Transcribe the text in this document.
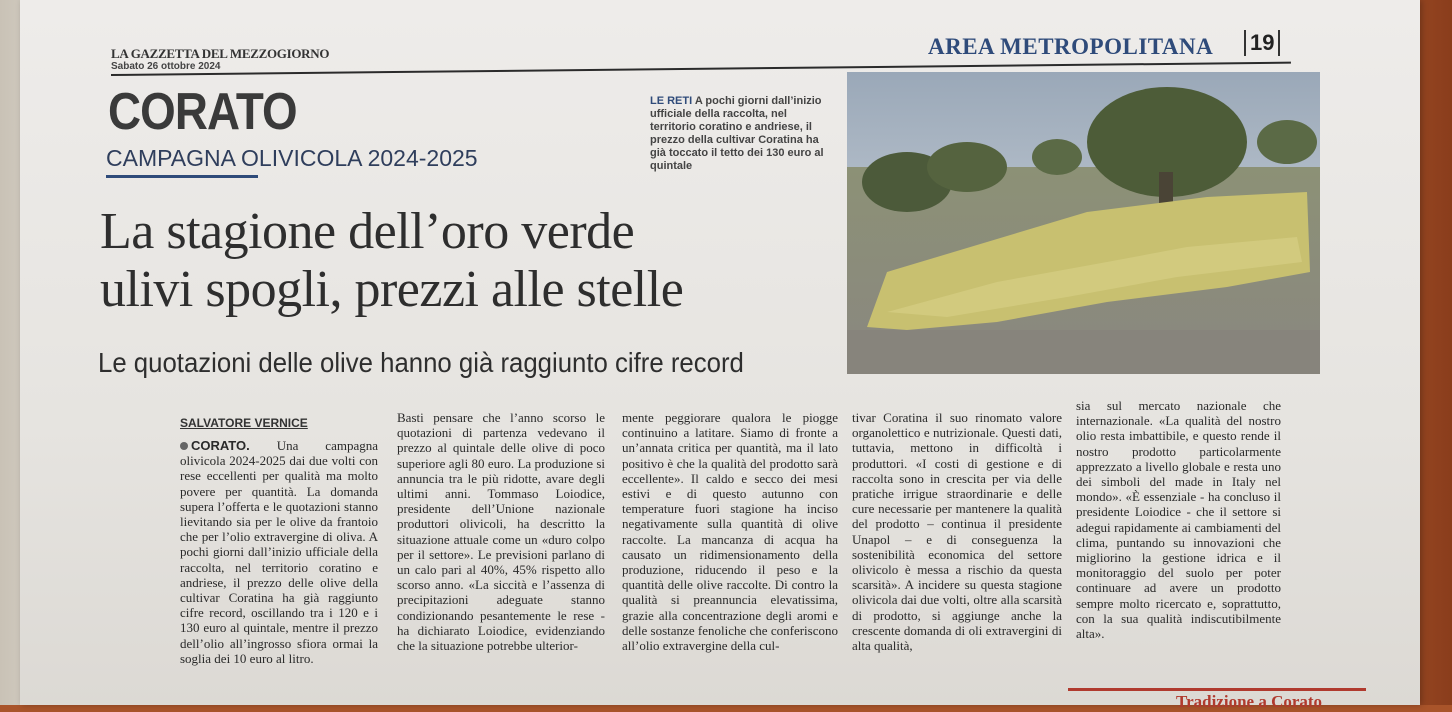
LA GAZZETTA DEL MEZZOGIORNO
Sabato 26 ottobre 2024
AREA METROPOLITANA 19
CORATO
CAMPAGNA OLIVICOLA 2024-2025
La stagione dell’oro verde
ulivi spogli, prezzi alle stelle
Le quotazioni delle olive hanno già raggiunto cifre record
LE RETI A pochi giorni dall’inizio ufficiale della raccolta, nel territorio coratino e andriese, il prezzo della cultivar Coratina ha già toccato il tetto dei 130 euro al quintale
SALVATORE VERNICE

CORATO. Una campagna olivicola 2024-2025 dai due volti con rese eccellenti per qualità ma molto povere per quantità. La domanda supera l’offerta e le quotazioni stanno lievitando sia per le olive da frantoio che per l’olio extravergine di oliva. A pochi giorni dall’inizio ufficiale della raccolta, nel territorio coratino e andriese, il prezzo delle olive della cultivar Coratina ha già raggiunto cifre record, oscillando tra i 120 e i 130 euro al quintale, mentre il prezzo dell’olio all’ingrosso sfiora ormai la soglia dei 10 euro al litro.

Basti pensare che l’anno scorso le quotazioni di partenza vedevano il prezzo al quintale delle olive di poco superiore agli 80 euro. La produzione si annuncia tra le più ridotte, avare degli ultimi anni. Tommaso Loiodice, presidente dell’Unione nazionale produttori olivicoli, ha descritto la situazione attuale come un «duro colpo per il settore». Le previsioni parlano di un calo pari al 40%, 45% rispetto allo scorso anno. «La siccità e l’assenza di precipitazioni adeguate stanno condizionando pesantemente le rese - ha dichiarato Loiodice, evidenziando che la situazione potrebbe ulterior-

mente peggiorare qualora le piogge continuino a latitare. Siamo di fronte a un’annata critica per quantità, ma il lato positivo è che la qualità del prodotto sarà eccellente». Il caldo e secco dei mesi estivi e di questo autunno con temperature fuori stagione ha inciso negativamente sulla quantità di olive raccolte. La mancanza di acqua ha causato un ridimensionamento della produzione, riducendo il peso e la quantità delle olive raccolte. Di contro la qualità si preannuncia elevatissima, grazie alla concentrazione degli aromi e delle sostanze fenoliche che conferiscono all’olio extravergine della cul-

tivar Coratina il suo rinomato valore organolettico e nutrizionale. Questi dati, tuttavia, mettono in difficoltà i produttori. «I costi di gestione e di raccolta sono in crescita per via delle pratiche irrigue straordinarie e delle cure necessarie per mantenere la qualità del prodotto – continua il presidente Unapol – e di conseguenza la sostenibilità economica del settore olivicolo è messa a rischio da questa scarsità». A incidere su questa stagione olivicola dai due volti, oltre alla scarsità di prodotto, si aggiunge anche la crescente domanda di oli extravergini di alta qualità,

sia sul mercato nazionale che internazionale. «La qualità del nostro olio resta imbattibile, e questo rende il nostro prodotto particolarmente apprezzato a livello globale e resta uno dei simboli del made in Italy nel mondo». «È essenziale - ha concluso il presidente Loiodice - che il settore si adegui rapidamente ai cambiamenti del clima, puntando su innovazioni che migliorino la gestione idrica e il monitoraggio del suolo per poter continuare ad avere un prodotto sempre molto ricercato e, soprattutto, con la sua qualità indiscutibilmente alta».

Tradizione a Corato
